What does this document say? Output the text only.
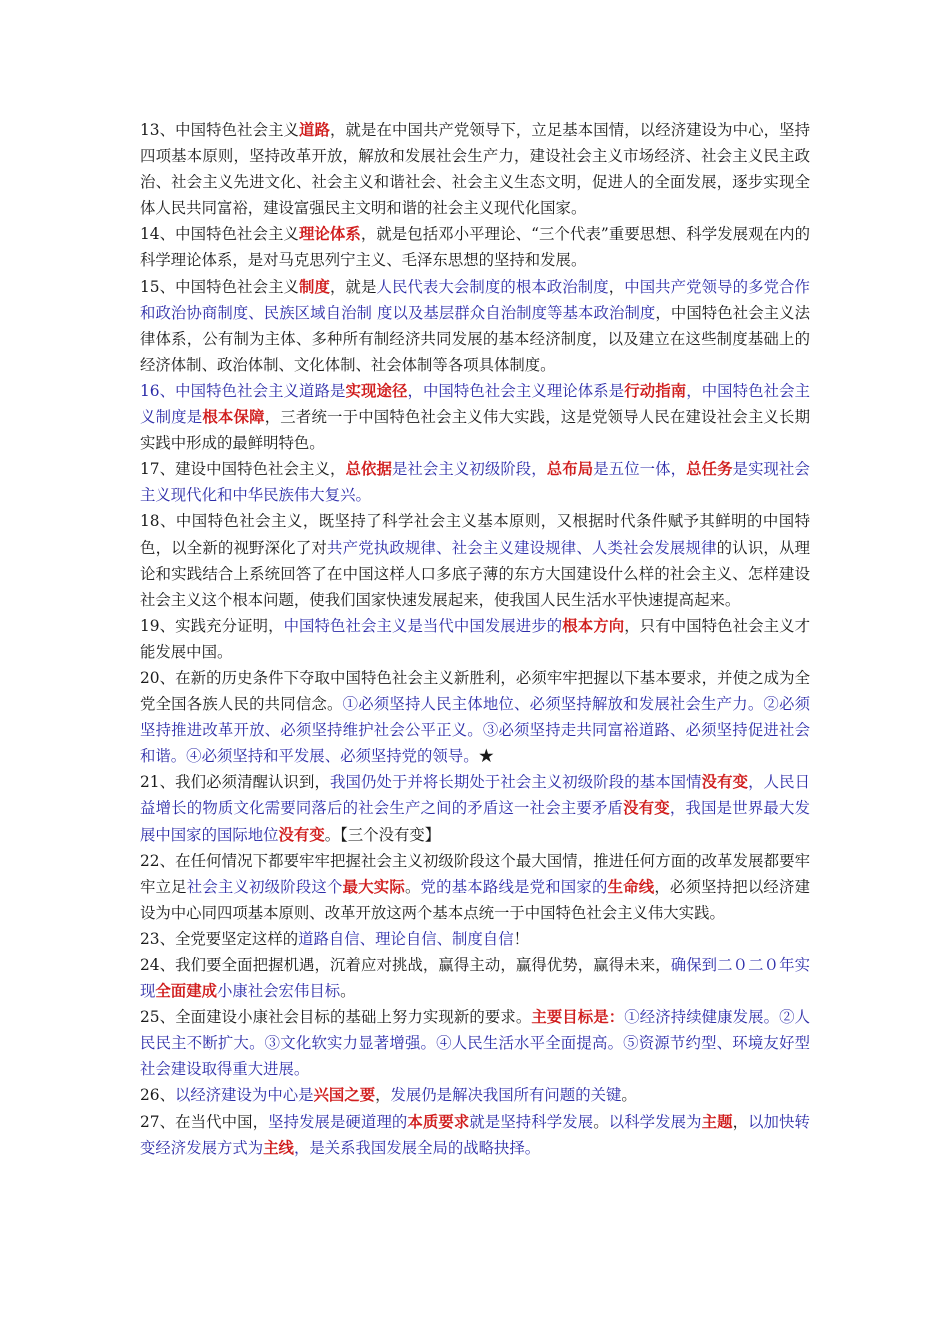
13、中国特色社会主义道路，就是在中国共产党领导下，立足基本国情，以经济建设为中心，坚持四项基本原则，坚持改革开放，解放和发展社会生产力，建设社会主义市场经济、社会主义民主政治、社会主义先进文化、社会主义和谐社会、社会主义生态文明，促进人的全面发展，逐步实现全体人民共同富裕，建设富强民主文明和谐的社会主义现代化国家。

14、中国特色社会主义理论体系，就是包括邓小平理论、“三个代表”重要思想、科学发展观在内的科学理论体系，是对马克思列宁主义、毛泽东思想的坚持和发展。

15、中国特色社会主义制度，就是人民代表大会制度的根本政治制度，中国共产党领导的多党合作和政治协商制度、民族区域自治制 度以及基层群众自治制度等基本政治制度，中国特色社会主义法律体系，公有制为主体、多种所有制经济共同发展的基本经济制度，以及建立在这些制度基础上的经济体制、政治体制、文化体制、社会体制等各项具体制度。

16、中国特色社会主义道路是实现途径，中国特色社会主义理论体系是行动指南，中国特色社会主义制度是根本保障，三者统一于中国特色社会主义伟大实践，这是党领导人民在建设社会主义长期实践中形成的最鲜明特色。

17、建设中国特色社会主义，总依据是社会主义初级阶段，总布局是五位一体，总任务是实现社会主义现代化和中华民族伟大复兴。

18、中国特色社会主义，既坚持了科学社会主义基本原则，又根据时代条件赋予其鲜明的中国特色，以全新的视野深化了对共产党执政规律、社会主义建设规律、人类社会发展规律的认识，从理论和实践结合上系统回答了在中国这样人口多底子薄的东方大国建设什么样的社会主义、怎样建设社会主义这个根本问题，使我们国家快速发展起来，使我国人民生活水平快速提高起来。

19、实践充分证明，中国特色社会主义是当代中国发展进步的根本方向，只有中国特色社会主义才能发展中国。

20、在新的历史条件下夺取中国特色社会主义新胜利，必须牢牢把握以下基本要求，并使之成为全党全国各族人民的共同信念。①必须坚持人民主体地位、必须坚持解放和发展社会生产力。②必须坚持推进改革开放、必须坚持维护社会公平正义。③必须坚持走共同富裕道路、必须坚持促进社会和谐。④必须坚持和平发展、必须坚持党的领导。★

21、我们必须清醒认识到，我国仍处于并将长期处于社会主义初级阶段的基本国情没有变，人民日益增长的物质文化需要同落后的社会生产之间的矛盾这一社会主要矛盾没有变，我国是世界最大发展中国家的国际地位没有变。【三个没有变】

22、在任何情况下都要牢牢把握社会主义初级阶段这个最大国情，推进任何方面的改革发展都要牢牢立足社会主义初级阶段这个最大实际。党的基本路线是党和国家的生命线，必须坚持把以经济建设为中心同四项基本原则、改革开放这两个基本点统一于中国特色社会主义伟大实践。

23、全党要坚定这样的道路自信、理论自信、制度自信！

24、我们要全面把握机遇，沉着应对挑战，赢得主动，赢得优势，赢得未来，确保到二０二０年实现全面建成小康社会宏伟目标。

25、全面建设小康社会目标的基础上努力实现新的要求。主要目标是：①经济持续健康发展。②人民民主不断扩大。③文化软实力显著增强。④人民生活水平全面提高。⑤资源节约型、环境友好型社会建设取得重大进展。

26、以经济建设为中心是兴国之要，发展仍是解决我国所有问题的关键。

27、在当代中国，坚持发展是硬道理的本质要求就是坚持科学发展。以科学发展为主题，以加快转变经济发展方式为主线，是关系我国发展全局的战略抉择。
